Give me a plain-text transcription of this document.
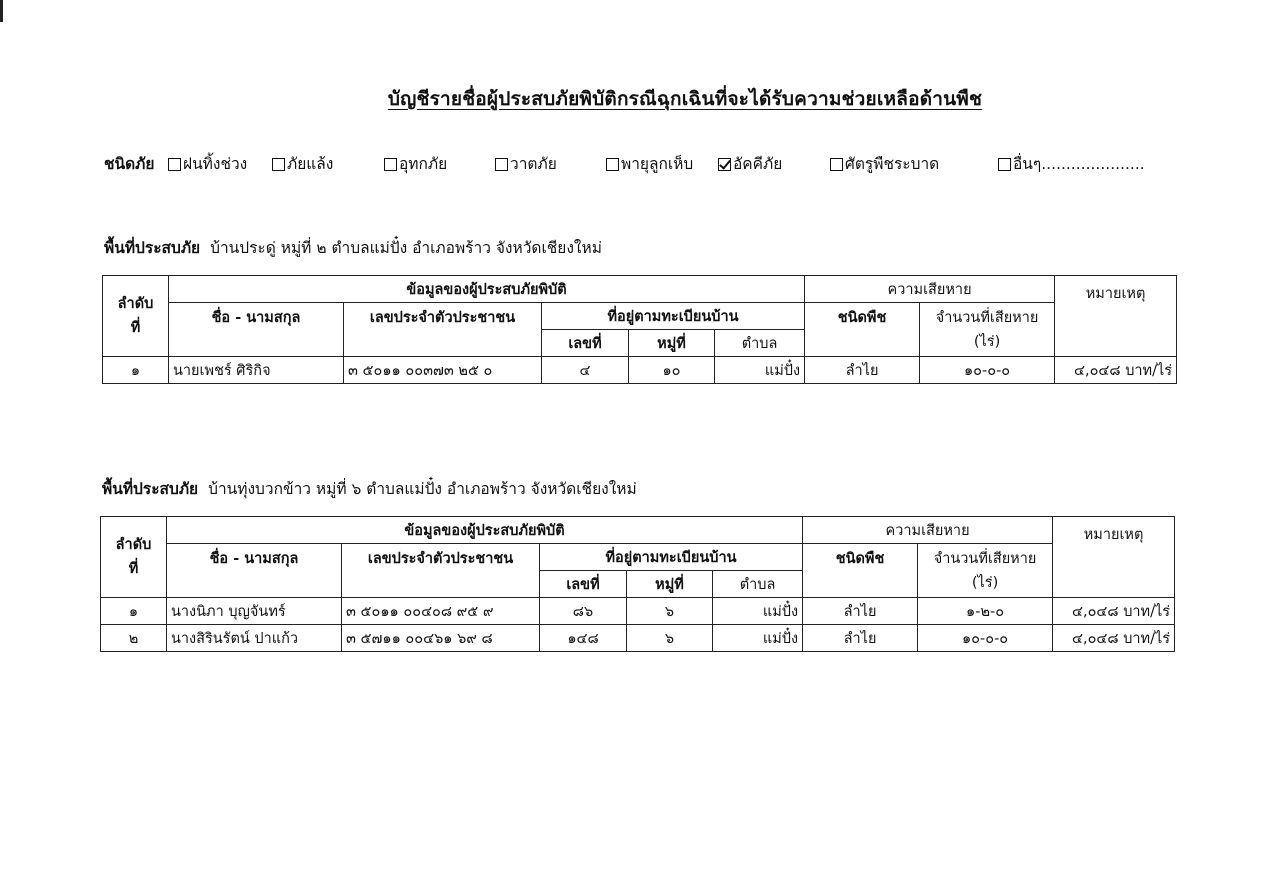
บัญชีรายชื่อผู้ประสบภัยพิบัติกรณีฉุกเฉินที่จะได้รับความช่วยเหลือด้านพืช
ชนิดภัย	ฝนทิ้งช่วง	ภัยแล้ง	อุทกภัย	วาตภัย	พายุลูกเห็บ	อัคคีภัย	ศัตรูพืชระบาด	อื่นๆ.....................
พื้นที่ประสบภัย บ้านประดู่ หมู่ที่ ๒ ตำบลแม่ปั๋ง อำเภอพร้าว จังหวัดเชียงใหม่
ลำดับ
ที่	ข้อมูลของผู้ประสบภัยพิบัติ					ความเสียหาย		หมายเหตุ
	ชื่อ - นามสกุล	เลขประจำตัวประชาชน	ที่อยู่ตามทะเบียนบ้าน			ชนิดพืช	จำนวนที่เสียหาย
(ไร่)	

			เลขที่	หมู่ที่	ตำบล			
๑	นายเพชร์ ศิริกิจ	๓ ๕๐๑๑ ๐๐๓๗๓ ๒๕ ๐	๔	๑๐	แม่ปั๋ง	ลำไย	๑๐-๐-๐	๔,๐๔๘ บาท/ไร่
พื้นที่ประสบภัย บ้านทุ่งบวกข้าว หมู่ที่ ๖ ตำบลแม่ปั๋ง อำเภอพร้าว จังหวัดเชียงใหม่
ลำดับ
ที่	ข้อมูลของผู้ประสบภัยพิบัติ					ความเสียหาย		หมายเหตุ
	ชื่อ - นามสกุล	เลขประจำตัวประชาชน	ที่อยู่ตามทะเบียนบ้าน			ชนิดพืช	จำนวนที่เสียหาย
(ไร่)	

			เลขที่	หมู่ที่	ตำบล			
๑	นางนิภา บุญจันทร์	๓ ๕๐๑๑ ๐๐๔๐๘ ๙๕ ๙	๘๖	๖	แม่ปั๋ง	ลำไย	๑-๒-๐	๔,๐๔๘ บาท/ไร่
๒	นางสิรินรัตน์ ปาแก้ว	๓ ๕๗๑๑ ๐๐๔๖๑ ๖๙ ๘	๑๔๘	๖	แม่ปั๋ง	ลำไย	๑๐-๐-๐	๔,๐๔๘ บาท/ไร่
